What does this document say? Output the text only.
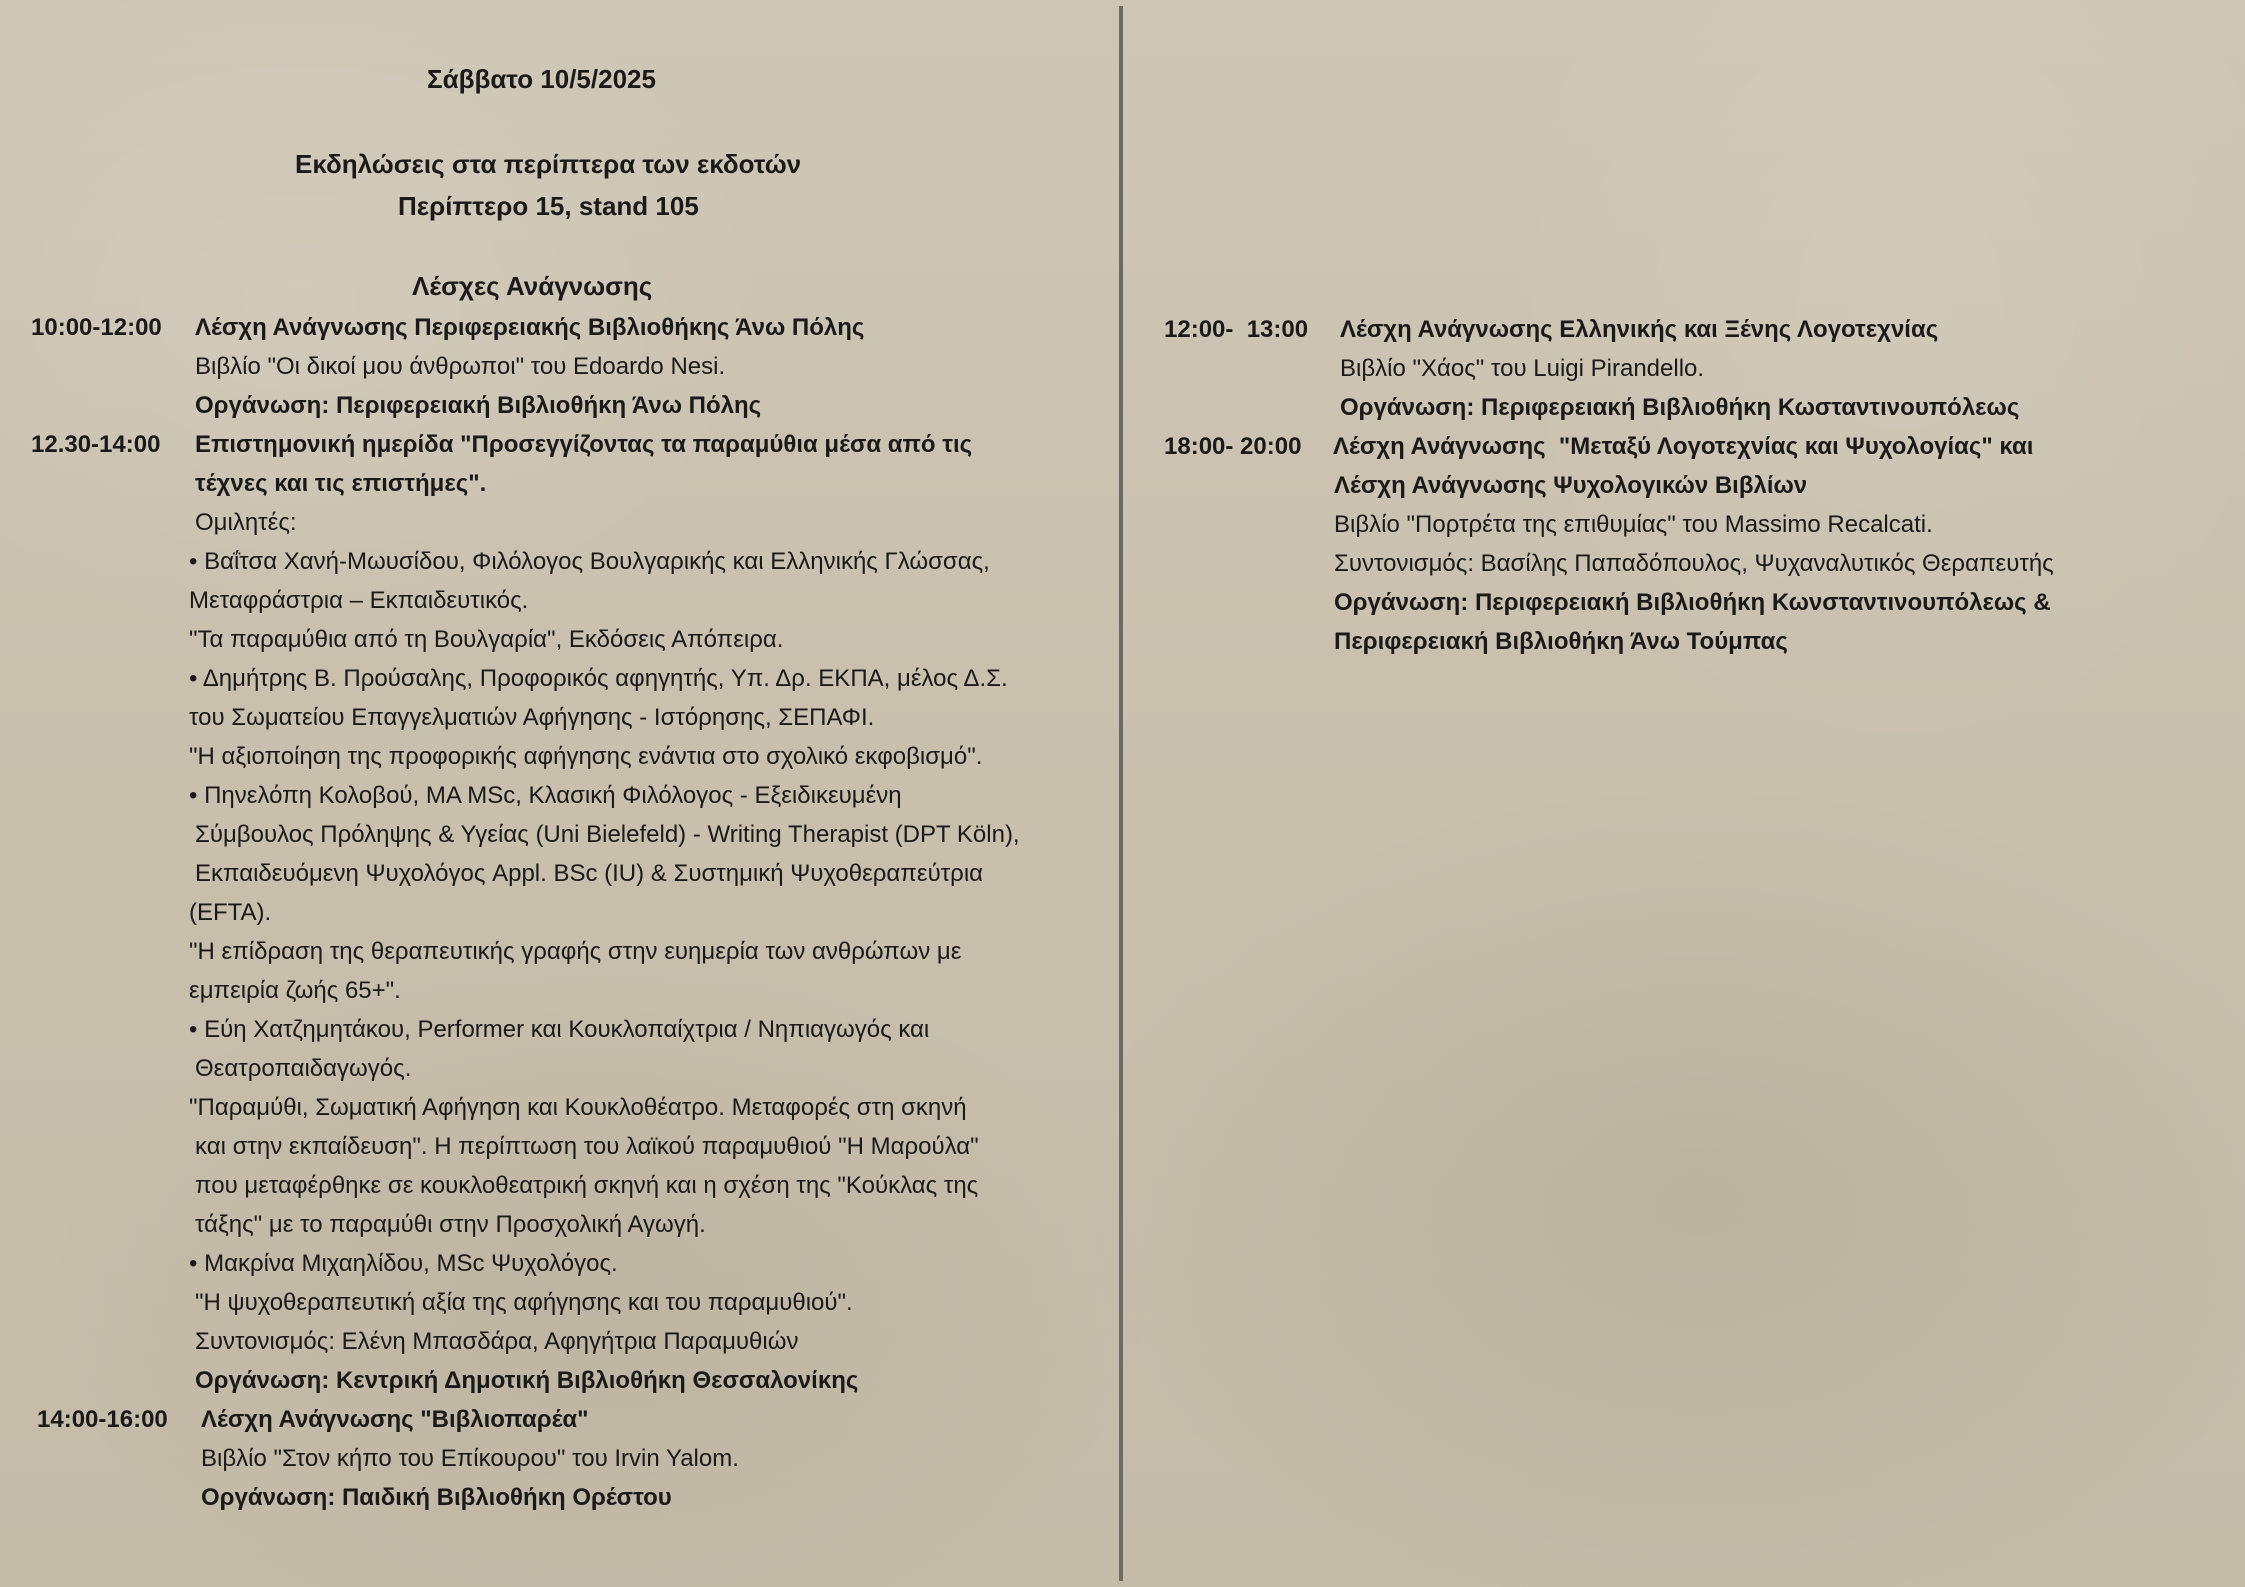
Σάββατο 10/5/2025
Εκδηλώσεις στα περίπτερα των εκδοτών
Περίπτερο 15, stand 105
Λέσχες Ανάγνωσης
10:00-12:00 Λέσχη Ανάγνωσης Περιφερειακής Βιβλιοθήκης Άνω Πόλης
Βιβλίο "Οι δικοί μου άνθρωποι" του Edoardo Nesi.
Οργάνωση: Περιφερειακή Βιβλιοθήκη Άνω Πόλης
12.30-14:00 Επιστημονική ημερίδα "Προσεγγίζοντας τα παραμύθια μέσα από τις
τέχνες και τις επιστήμες".
Ομιλητές:
• Βαΐτσα Χανή-Μωυσίδου, Φιλόλογος Βουλγαρικής και Ελληνικής Γλώσσας,
Μεταφράστρια – Εκπαιδευτικός.
"Τα παραμύθια από τη Βουλγαρία", Εκδόσεις Απόπειρα.
• Δημήτρης Β. Προύσαλης, Προφορικός αφηγητής, Υπ. Δρ. ΕΚΠΑ, μέλος Δ.Σ.
του Σωματείου Επαγγελματιών Αφήγησης - Ιστόρησης, ΣΕΠΑΦΙ.
"Η αξιοποίηση της προφορικής αφήγησης ενάντια στο σχολικό εκφοβισμό".
• Πηνελόπη Κολοβού, MA MSc, Κλασική Φιλόλογος - Εξειδικευμένη
Σύμβουλος Πρόληψης & Υγείας (Uni Bielefeld) - Writing Therapist (DPT Köln),
Εκπαιδευόμενη Ψυχολόγος Appl. BSc (IU) & Συστημική Ψυχοθεραπεύτρια
(EFTA).
"Η επίδραση της θεραπευτικής γραφής στην ευημερία των ανθρώπων με
εμπειρία ζωής 65+".
• Εύη Χατζημητάκου, Performer και Κουκλοπαίχτρια / Νηπιαγωγός και
Θεατροπαιδαγωγός.
"Παραμύθι, Σωματική Αφήγηση και Κουκλοθέατρο. Μεταφορές στη σκηνή
και στην εκπαίδευση". Η περίπτωση του λαϊκού παραμυθιού "Η Μαρούλα"
που μεταφέρθηκε σε κουκλοθεατρική σκηνή και η σχέση της "Κούκλας της
τάξης" με το παραμύθι στην Προσχολική Αγωγή.
• Μακρίνα Μιχαηλίδου, MSc Ψυχολόγος.
"Η ψυχοθεραπευτική αξία της αφήγησης και του παραμυθιού".
Συντονισμός: Ελένη Μπασδάρα, Αφηγήτρια Παραμυθιών
Οργάνωση: Κεντρική Δημοτική Βιβλιοθήκη Θεσσαλονίκης
14:00-16:00 Λέσχη Ανάγνωσης "Βιβλιοπαρέα"
Βιβλίο "Στον κήπο του Επίκουρου" του Irvin Yalom.
Οργάνωση: Παιδική Βιβλιοθήκη Ορέστου
12:00-  13:00 Λέσχη Ανάγνωσης Ελληνικής και Ξένης Λογοτεχνίας
Βιβλίο "Χάος" του Luigi Pirandello.
Οργάνωση: Περιφερειακή Βιβλιοθήκη Κωσταντινουπόλεως
18:00- 20:00 Λέσχη Ανάγνωσης  "Μεταξύ Λογοτεχνίας και Ψυχολογίας" και
Λέσχη Ανάγνωσης Ψυχολογικών Βιβλίων
Βιβλίο "Πορτρέτα της επιθυμίας" του Massimo Recalcati.
Συντονισμός: Βασίλης Παπαδόπουλος, Ψυχαναλυτικός Θεραπευτής
Οργάνωση: Περιφερειακή Βιβλιοθήκη Κωνσταντινουπόλεως &
Περιφερειακή Βιβλιοθήκη Άνω Τούμπας
